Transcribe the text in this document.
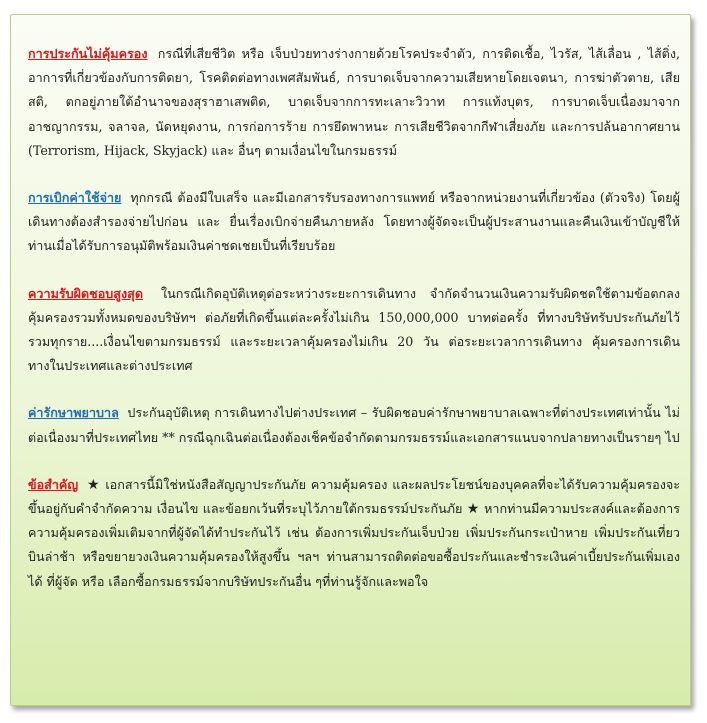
การประกันไม่คุ้มครอง กรณีที่เสียชีวิต หรือ เจ็บป่วยทางร่างกายด้วยโรคประจำตัว, การติดเชื้อ, ไวรัส, ไส้เลื่อน , ไส้ติ่ง, อาการที่เกี่ยวข้องกับการติดยา, โรคติดต่อทางเพศสัมพันธ์, การบาดเจ็บจากความเสียหายโดยเจตนา, การฆ่าตัวตาย, เสียสติ, ตกอยู่ภายใต้อำนาจของสุราฮาเสพติด, บาดเจ็บจากการทะเลาะวิวาท การแท้งบุตร, การบาดเจ็บเนื่องมาจากอาชญากรรม, จลาจล, นัดหยุดงาน, การก่อการร้าย การยึดพาหนะ การเสียชีวิตจากกีฬาเสี่ยงภัย และการปล้นอากาศยาน (Terrorism, Hijack, Skyjack) และ อื่นๆ ตามเงื่อนไขในกรมธรรม์

การเบิกค่าใช้จ่าย ทุกกรณี ต้องมีใบเสร็จ และมีเอกสารรับรองทางการแพทย์ หรือจากหน่วยงานที่เกี่ยวข้อง (ตัวจริง) โดยผู้เดินทางต้องสำรองจ่ายไปก่อน และ ยื่นเรื่องเบิกจ่ายคืนภายหลัง โดยทางผู้จัดจะเป็นผู้ประสานงานและคืนเงินเข้าบัญชีให้ท่านเมื่อได้รับการอนุมัติพร้อมเงินค่าชดเชยเป็นที่เรียบร้อย

ความรับผิดชอบสูงสุด ในกรณีเกิดอุบัติเหตุต่อระหว่างระยะการเดินทาง จำกัดจำนวนเงินความรับผิดชดใช้ตามข้อตกลงคุ้มครองรวมทั้งหมดของบริษัทฯ ต่อภัยที่เกิดขึ้นแต่ละครั้งไม่เกิน 150,000,000 บาทต่อครั้ง ที่ทางบริษัทรับประกันภัยไว้รวมทุกราย....เงื่อนไขตามกรมธรรม์ และระยะเวลาคุ้มครองไม่เกิน 20 วัน ต่อระยะเวลาการเดินทาง คุ้มครองการเดินทางในประเทศและต่างประเทศ

ค่ารักษาพยาบาล ประกันอุบัติเหตุ การเดินทางไปต่างประเทศ – รับผิดชอบค่ารักษาพยาบาลเฉพาะที่ต่างประเทศเท่านั้น ไม่ต่อเนื่องมาที่ประเทศไทย ** กรณีฉุกเฉินต่อเนื่องต้องเช็คข้อจำกัดตามกรมธรรม์และเอกสารแนบจากปลายทางเป็นรายๆ ไป

ข้อสำคัญ ★ เอกสารนี้มิใช่หนังสือสัญญาประกันภัย ความคุ้มครอง และผลประโยชน์ของบุคคลที่จะได้รับความคุ้มครองจะขึ้นอยู่กับคำจำกัดความ เงื่อนไข และข้อยกเว้นที่ระบุไว้ภายใต้กรมธรรม์ประกันภัย ★ หากท่านมีความประสงค์และต้องการความคุ้มครองเพิ่มเติมจากที่ผู้จัดได้ทำประกันไว้ เช่น ต้องการเพิ่มประกันเจ็บป่วย เพิ่มประกันกระเป๋าหาย เพิ่มประกันเที่ยวบินล่าช้า หรือขยายวงเงินความคุ้มครองให้สูงขึ้น ฯลฯ ท่านสามารถติดต่อขอซื้อประกันและชำระเงินค่าเบี้ยประกันเพิ่มเองได้ ที่ผู้จัด หรือ เลือกซื้อกรมธรรม์จากบริษัทประกันอื่น ๆที่ท่านรู้จักและพอใจ
